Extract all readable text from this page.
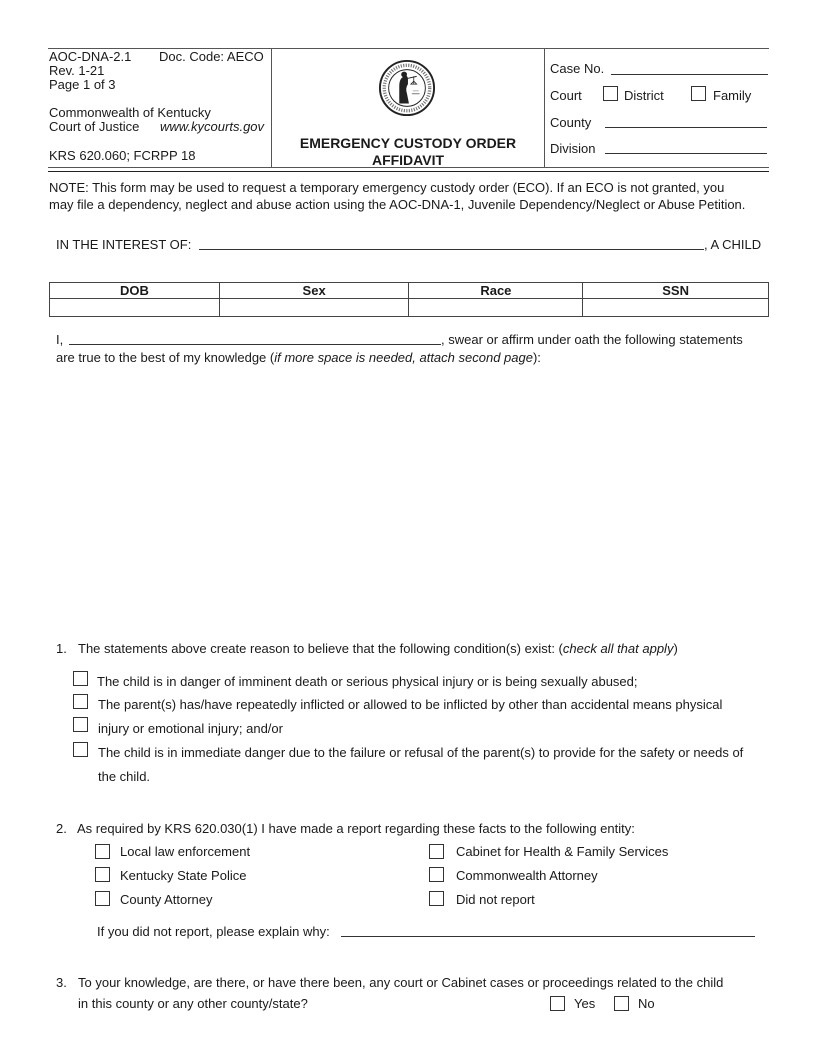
AOC-DNA-2.1 Doc. Code: AECO
Rev. 1-21
Page 1 of 3
Commonwealth of Kentucky
Court of Justice www.kycourts.gov
KRS 620.060; FCRPP 18
EMERGENCY CUSTODY ORDER
AFFIDAVIT
Case No.
Court	District	Family
County
Division
NOTE: This form may be used to request a temporary emergency custody order (ECO). If an ECO is not granted, you
may file a dependency, neglect and abuse action using the AOC-DNA-1, Juvenile Dependency/Neglect or Abuse Petition.
IN THE INTEREST OF:	, A CHILD
DOB	Sex	Race	SSN

I,	, swear or affirm under oath the following statements
are true to the best of my knowledge (if more space is needed, attach second page):
1. The statements above create reason to believe that the following condition(s) exist: (check all that apply)
The child is in danger of imminent death or serious physical injury or is being sexually abused;
The parent(s) has/have repeatedly inflicted or allowed to be inflicted by other than accidental means physical
injury or emotional injury; and/or
The child is in immediate danger due to the failure or refusal of the parent(s) to provide for the safety or needs of
the child.
2. As required by KRS 620.030(1) I have made a report regarding these facts to the following entity:
Local law enforcement
Kentucky State Police
County Attorney
Cabinet for Health & Family Services
Commonwealth Attorney
Did not report
If you did not report, please explain why:
3. To your knowledge, are there, or have there been, any court or Cabinet cases or proceedings related to the child
in this county or any other county/state?	Yes	No
